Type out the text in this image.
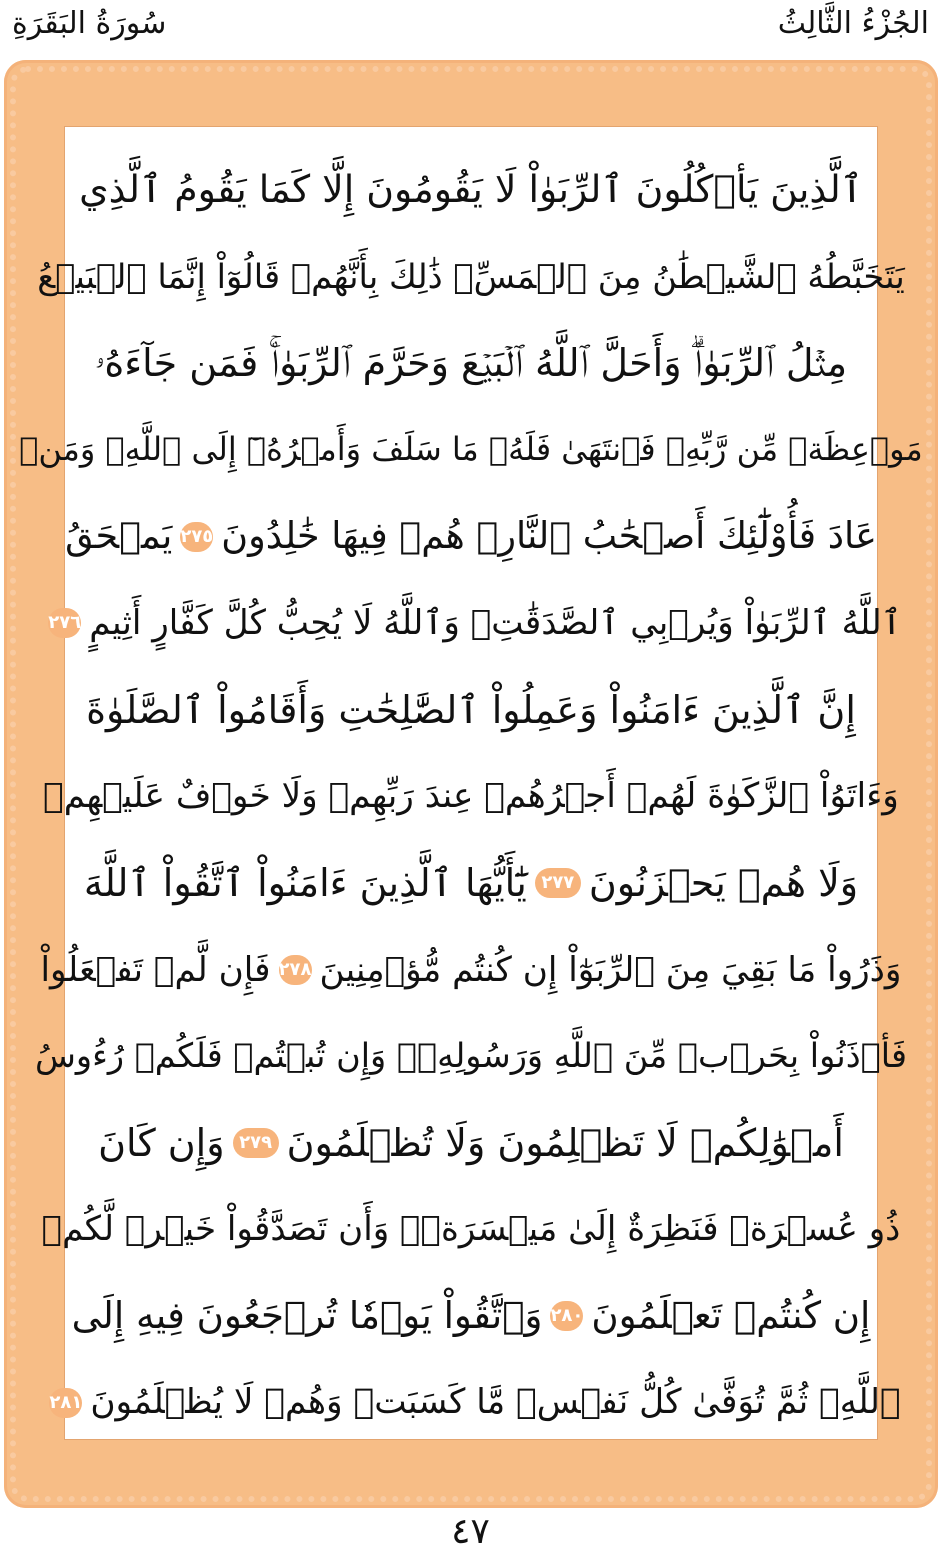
سُورَةُ البَقَرَةِ	الجُزْءُ الثَّالِثُ
ٱلَّذِينَ يَأۡكُلُونَ ٱلرِّبَوٰاْ لَا يَقُومُونَ إِلَّا كَمَا يَقُومُ ٱلَّذِي
يَتَخَبَّطُهُ ٱلشَّيۡطَٰنُ مِنَ ٱلۡمَسِّۚ ذَٰلِكَ بِأَنَّهُمۡ قَالُوٓاْ إِنَّمَا ٱلۡبَيۡعُ
مِثۡلُ ٱلرِّبَوٰاْۗ وَأَحَلَّ ٱللَّهُ ٱلۡبَيۡعَ وَحَرَّمَ ٱلرِّبَوٰاْۚ فَمَن جَآءَهُۥ
مَوۡعِظَةٞ مِّن رَّبِّهِۦ فَٱنتَهَىٰ فَلَهُۥ مَا سَلَفَ وَأَمۡرُهُۥٓ إِلَى ٱللَّهِۖ وَمَنۡ
عَادَ فَأُوْلَٰٓئِكَ أَصۡحَٰبُ ٱلنَّارِۖ هُمۡ فِيهَا خَٰلِدُونَ
٢٧٥
يَمۡحَقُ
ٱللَّهُ ٱلرِّبَوٰاْ وَيُرۡبِي ٱلصَّدَقَٰتِۗ وَٱللَّهُ لَا يُحِبُّ كُلَّ كَفَّارٍ أَثِيمٍ
٢٧٦
إِنَّ ٱلَّذِينَ ءَامَنُواْ وَعَمِلُواْ ٱلصَّٰلِحَٰتِ وَأَقَامُواْ ٱلصَّلَوٰةَ
وَءَاتَوُاْ ٱلزَّكَوٰةَ لَهُمۡ أَجۡرُهُمۡ عِندَ رَبِّهِمۡ وَلَا خَوۡفٌ عَلَيۡهِمۡ
وَلَا هُمۡ يَحۡزَنُونَ
٢٧٧
يَٰٓأَيُّهَا ٱلَّذِينَ ءَامَنُواْ ٱتَّقُواْ ٱللَّهَ
وَذَرُواْ مَا بَقِيَ مِنَ ٱلرِّبَوٰٓاْ إِن كُنتُم مُّؤۡمِنِينَ
٢٧٨
فَإِن لَّمۡ تَفۡعَلُواْ
فَأۡذَنُواْ بِحَرۡبٖ مِّنَ ٱللَّهِ وَرَسُولِهِۦۖ وَإِن تُبۡتُمۡ فَلَكُمۡ رُءُوسُ
أَمۡوَٰلِكُمۡ لَا تَظۡلِمُونَ وَلَا تُظۡلَمُونَ
٢٧٩
وَإِن كَانَ
ذُو عُسۡرَةٖ فَنَظِرَةٌ إِلَىٰ مَيۡسَرَةٖۚ وَأَن تَصَدَّقُواْ خَيۡرٞ لَّكُمۡ
إِن كُنتُمۡ تَعۡلَمُونَ
٢٨٠
وَٱتَّقُواْ يَوۡمٗا تُرۡجَعُونَ فِيهِ إِلَى
ٱللَّهِۖ ثُمَّ تُوَفَّىٰ كُلُّ نَفۡسٖ مَّا كَسَبَتۡ وَهُمۡ لَا يُظۡلَمُونَ
٢٨١
٤٧
